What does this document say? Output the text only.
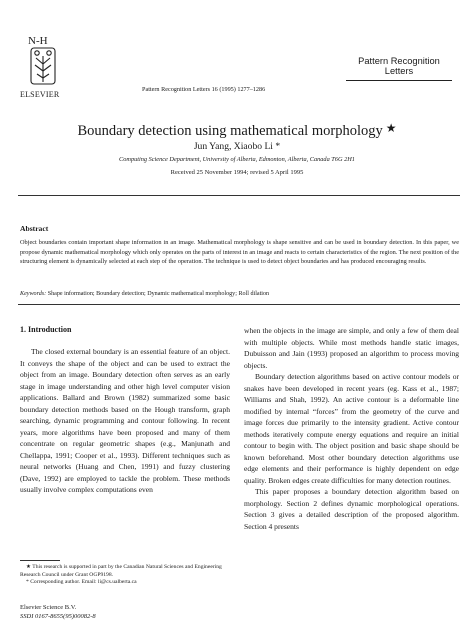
N-H
ELSEVIER
Pattern Recognition Letters 16 (1995) 1277–1286
Pattern Recognition
Letters
Boundary detection using mathematical morphology ★
Jun Yang, Xiaobo Li *
Computing Science Department, University of Alberta, Edmonton, Alberta, Canada T6G 2H1
Received 25 November 1994; revised 5 April 1995
Abstract
Object boundaries contain important shape information in an image. Mathematical morphology is shape sensitive and can be used in boundary detection. In this paper, we propose dynamic mathematical morphology which only operates on the parts of interest in an image and reacts to certain characteristics of the region. The next position of the structuring element is dynamically selected at each step of the operation. The technique is used to detect object boundaries and has produced encouraging results.
Keywords: Shape information; Boundary detection; Dynamic mathematical morphology; Roll dilation
1. Introduction

The closed external boundary is an essential feature of an object. It conveys the shape of the object and can be used to extract the object from an image. Boundary detection often serves as an early stage in image understanding and other high level computer vision applications. Ballard and Brown (1982) summarized some basic boundary detection methods based on the Hough transform, graph searching, dynamic programming and contour following. In recent years, more algorithms have been proposed and many of them concentrate on regular geometric shapes (e.g., Manjunath and Chellappa, 1991; Cooper et al., 1993). Different techniques such as neural networks (Huang and Chen, 1991) and fuzzy clustering (Dave, 1992) are employed to tackle the problem. These methods usually involve complex computations even

when the objects in the image are simple, and only a few of them deal with multiple objects. While most methods handle static images, Dubuisson and Jain (1993) proposed an algorithm to process moving objects.

Boundary detection algorithms based on active contour models or snakes have been developed in recent years (eg. Kass et al., 1987; Williams and Shah, 1992). An active contour is a deformable line modified by internal “forces” from the geometry of the curve and image forces due primarily to the intensity gradient. Active contour methods iteratively compute energy equations and require an initial contour to begin with. The object position and basic shape should be known beforehand. Most other boundary detection algorithms use edge elements and their performance is highly dependent on edge quality. Broken edges create difficulties for many detection routines.

This paper proposes a boundary detection algorithm based on morphology. Section 2 defines dynamic morphological operations. Section 3 gives a detailed description of the proposed algorithm. Section 4 presents

★ This research is supported in part by the Canadian Natural Sciences and Engineering Research Council under Grant OGP9198.

* Corresponding author. Email: li@cs.ualberta.ca

Elsevier Science B.V.
SSDI 0167-8655(95)00082-8
